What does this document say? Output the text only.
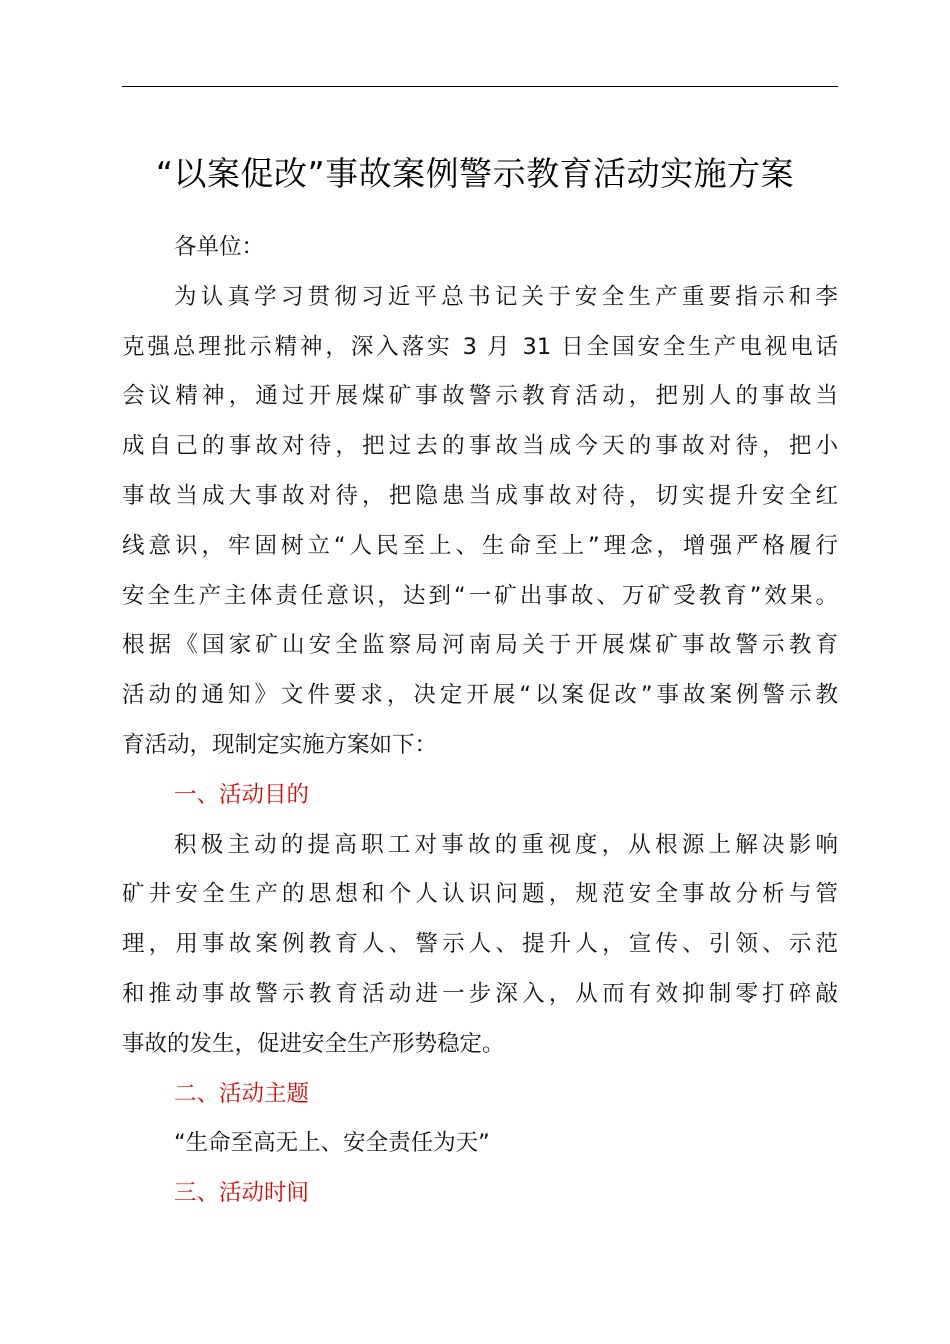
“以案促改”事故案例警示教育活动实施方案
各单位：
为认真学习贯彻习近平总书记关于安全生产重要指示和李
克强总理批示精神，深入落实 3 月 31 日全国安全生产电视电话
会议精神，通过开展煤矿事故警示教育活动，把别人的事故当
成自己的事故对待，把过去的事故当成今天的事故对待，把小
事故当成大事故对待，把隐患当成事故对待，切实提升安全红
线意识，牢固树立“人民至上、生命至上”理念，增强严格履行
安全生产主体责任意识，达到“一矿出事故、万矿受教育”效果。
根据《国家矿山安全监察局河南局关于开展煤矿事故警示教育
活动的通知》文件要求，决定开展“以案促改”事故案例警示教
育活动，现制定实施方案如下：
一、活动目的
积极主动的提高职工对事故的重视度，从根源上解决影响
矿井安全生产的思想和个人认识问题，规范安全事故分析与管
理，用事故案例教育人、警示人、提升人，宣传、引领、示范
和推动事故警示教育活动进一步深入，从而有效抑制零打碎敲
事故的发生，促进安全生产形势稳定。
二、活动主题
“生命至高无上、安全责任为天”
三、活动时间
